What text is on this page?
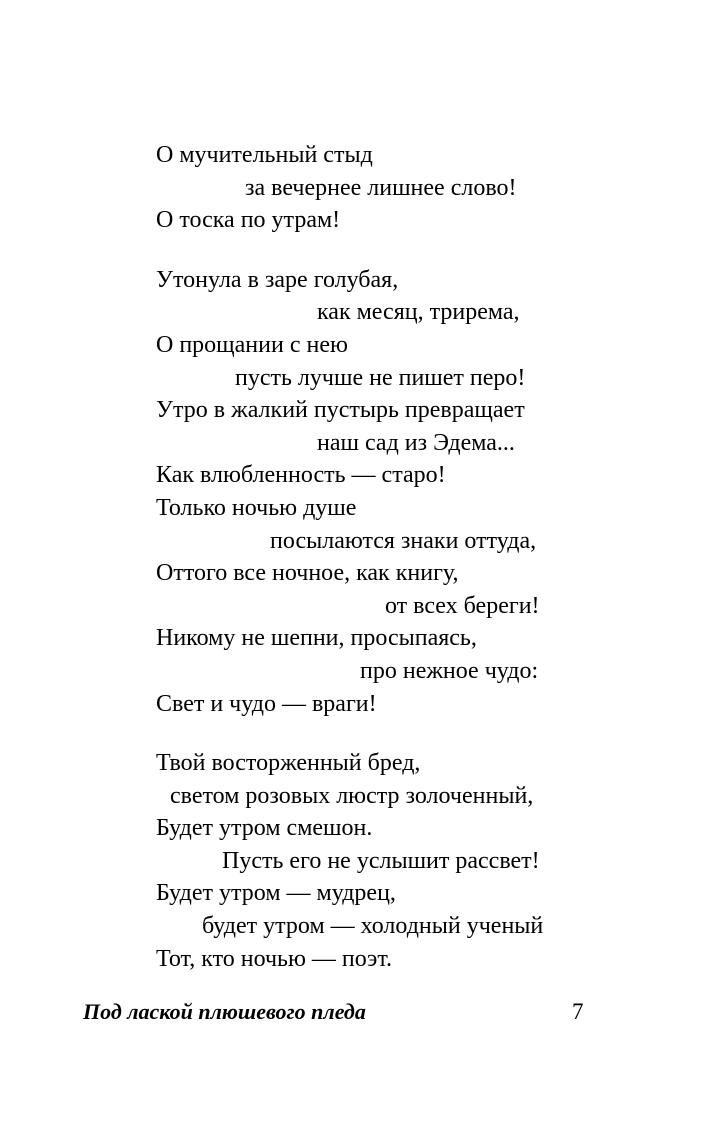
О мучительный стыд
за вечернее лишнее слово!
О тоска по утрам!
Утонула в заре голубая,
как месяц, трирема,
О прощании с нею
пусть лучше не пишет перо!
Утро в жалкий пустырь превращает
наш сад из Эдема...
Как влюбленность — старо!
Только ночью душе
посылаются знаки оттуда,
Оттого все ночное, как книгу,
от всех береги!
Никому не шепни, просыпаясь,
про нежное чудо:
Свет и чудо — враги!
Твой восторженный бред,
светом розовых люстр золоченный,
Будет утром смешон.
Пусть его не услышит рассвет!
Будет утром — мудрец,
будет утром — холодный ученый
Тот, кто ночью — поэт.
Под лаской плюшевого пледа	7
